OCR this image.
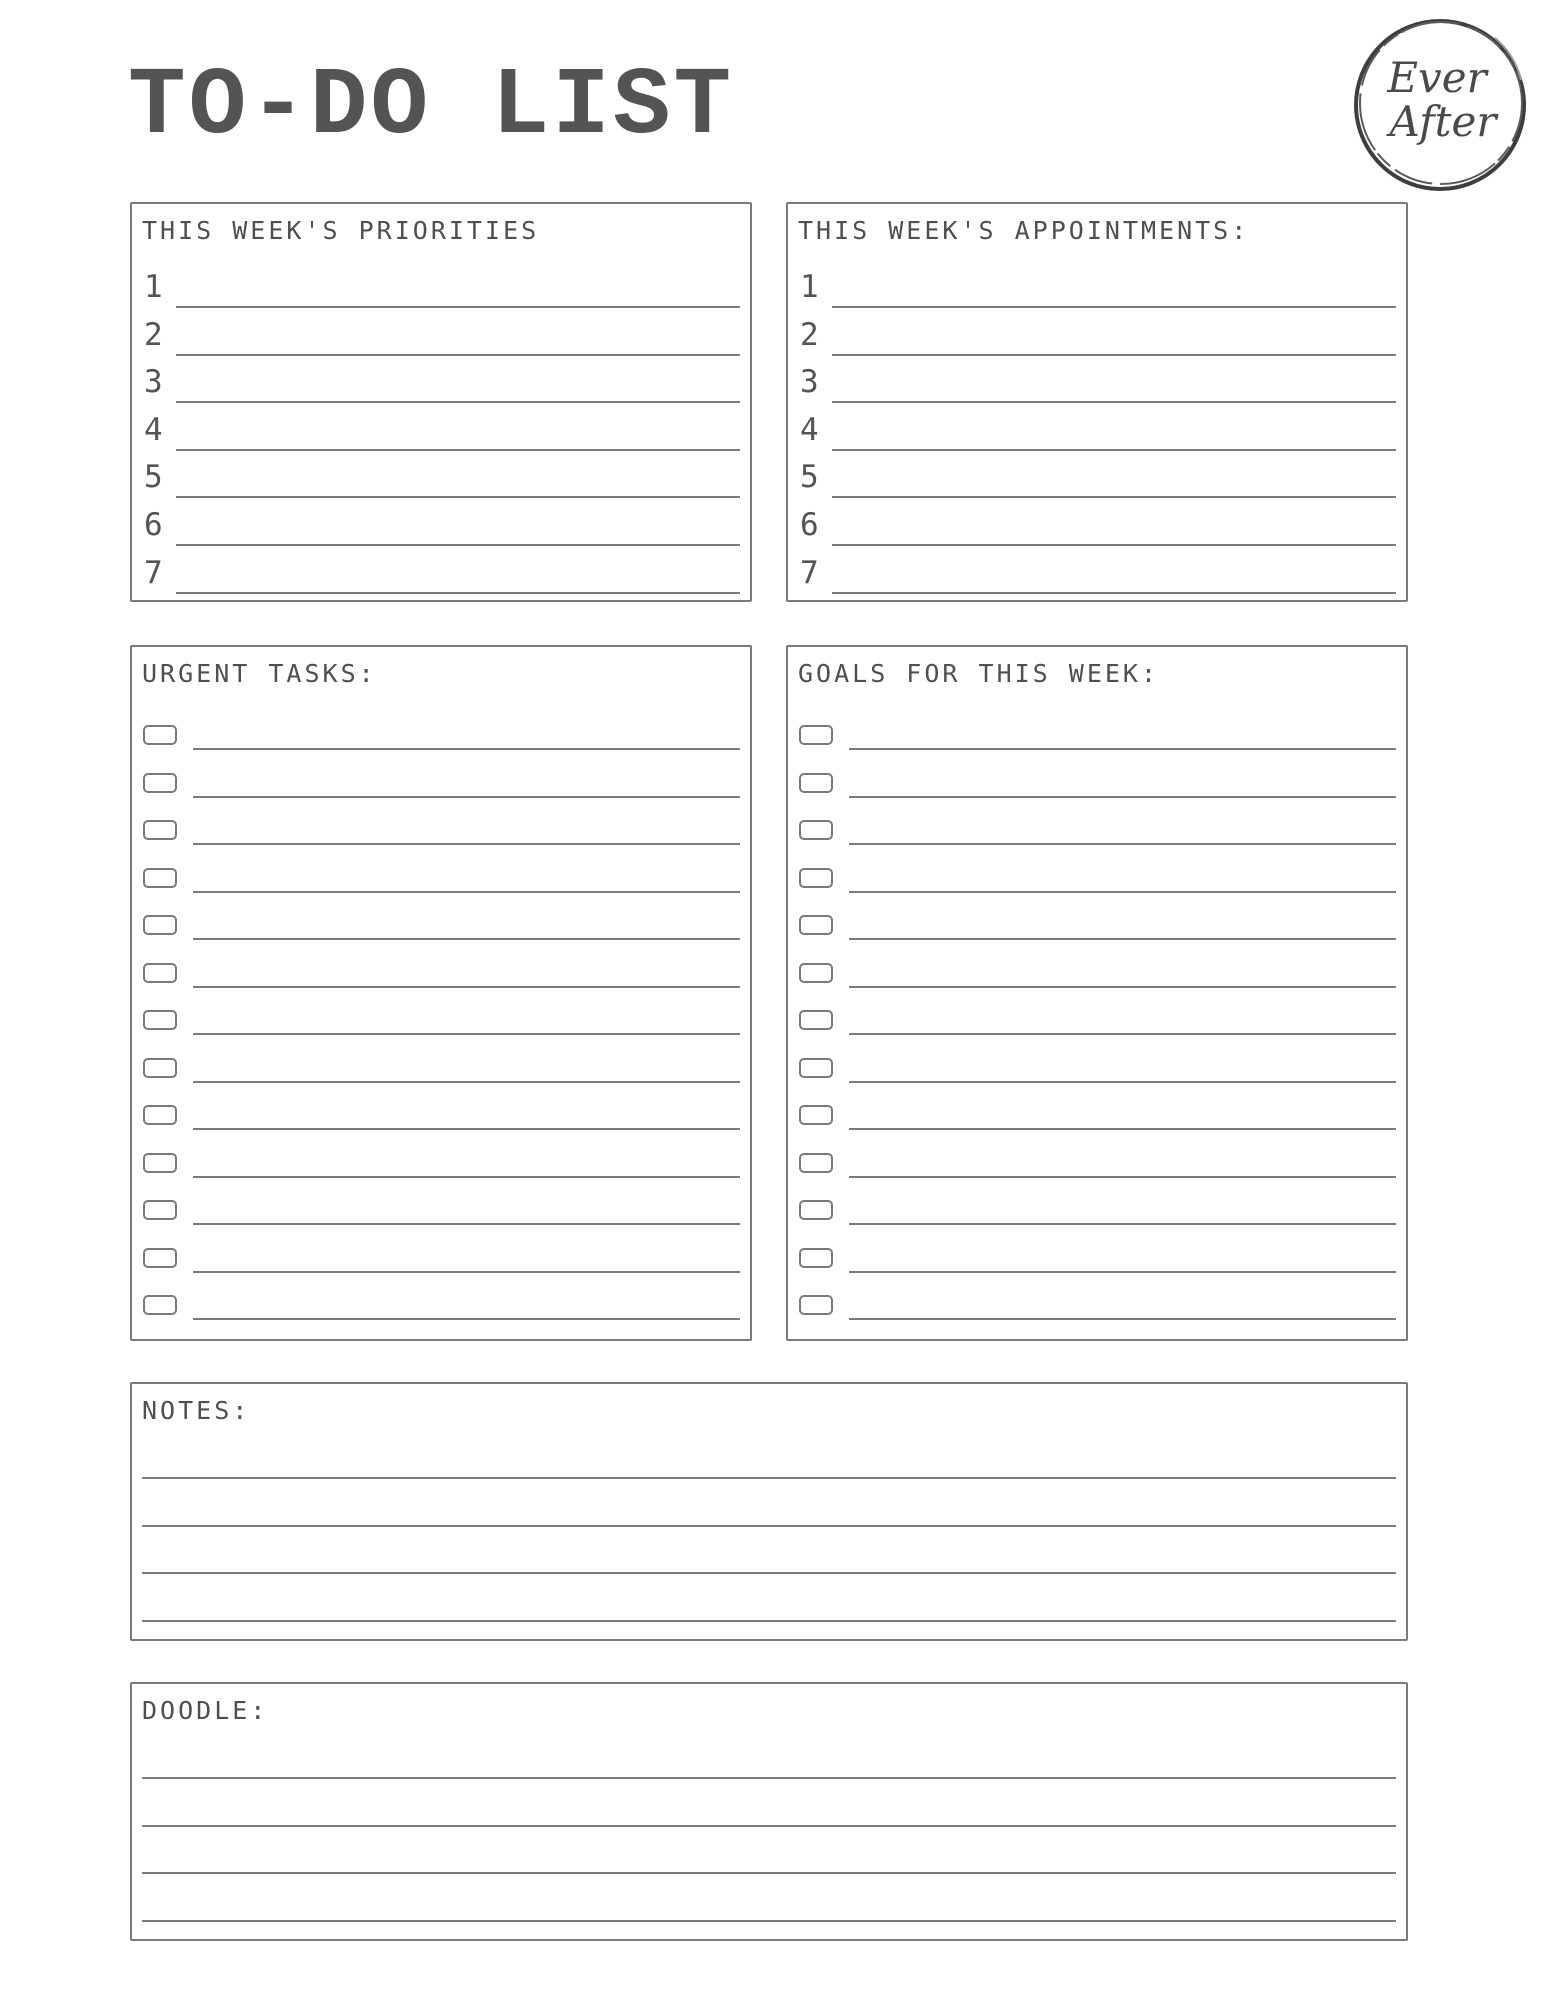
TO-DO LIST	Ever
After
THIS WEEK'S PRIORITIES
1
2
3
4
5
6
7
THIS WEEK'S APPOINTMENTS:
1
2
3
4
5
6
7
URGENT TASKS:	GOALS FOR THIS WEEK:
NOTES:
DOODLE:
